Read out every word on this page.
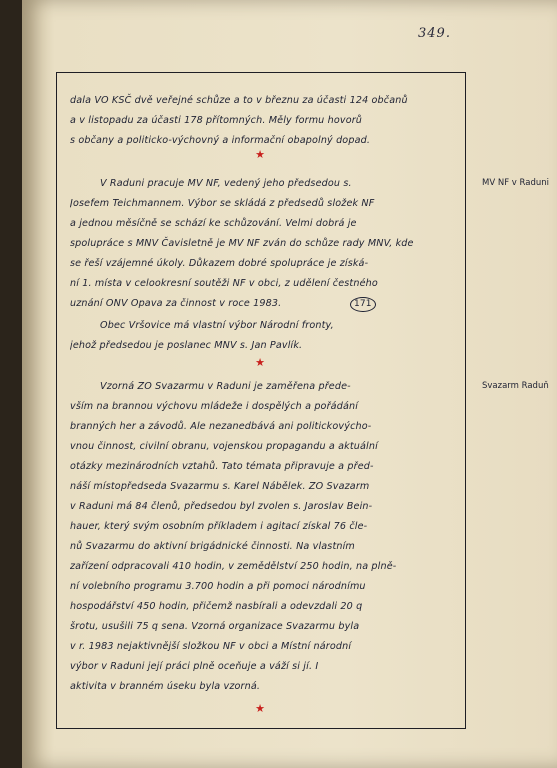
349.
dala VO KSČ dvě veřejné schůze a to v březnu za účasti 124 občanů
a v listopadu za účasti 178 přítomných. Měly formu hovorů
s občany a politicko-výchovný a informační obapolný dopad.
★
V Raduni pracuje MV NF, vedený jeho předsedou s.	MV NF v Raduni
Josefem Teichmannem. Výbor se skládá z předsedů složek NF
a jednou měsíčně se schází ke schůzování. Velmi dobrá je
spolupráce s MNV Čavisletně je MV NF zván do schůze rady MNV, kde
se řeší vzájemné úkoly. Důkazem dobré spolupráce je získá-
ní 1. místa v celookresní soutěži NF v obci, z udělení čestného
uznání ONV Opava za činnost v roce 1983.	171
Obec Vršovice má vlastní výbor Národní fronty,
jehož předsedou je poslanec MNV s. Jan Pavlík.
★
Vzorná ZO Svazarmu v Raduni je zaměřena přede-	Svazarm Raduň
vším na brannou výchovu mládeže i dospělých a pořádání
branných her a závodů. Ale nezanedbává ani politickovýcho-
vnou činnost, civilní obranu, vojenskou propagandu a aktuální
otázky mezinárodních vztahů. Tato témata připravuje a před-
náší místopředseda Svazarmu s. Karel Nábělek. ZO Svazarm
v Raduni má 84 členů, předsedou byl zvolen s. Jaroslav Bein-
hauer, který svým osobním příkladem i agitací získal 76 čle-
nů Svazarmu do aktivní brigádnické činnosti. Na vlastním
zařízení odpracovali 410 hodin, v zemědělství 250 hodin, na plně-
ní volebního programu 3.700 hodin a při pomoci národnímu
hospodářství 450 hodin, přičemž nasbírali a odevzdali 20 q
šrotu, usušili 75 q sena. Vzorná organizace Svazarmu byla
v r. 1983 nejaktivnější složkou NF v obci a Místní národní
výbor v Raduni její práci plně oceňuje a váží si jí. I
aktivita v branném úseku byla vzorná.
★
